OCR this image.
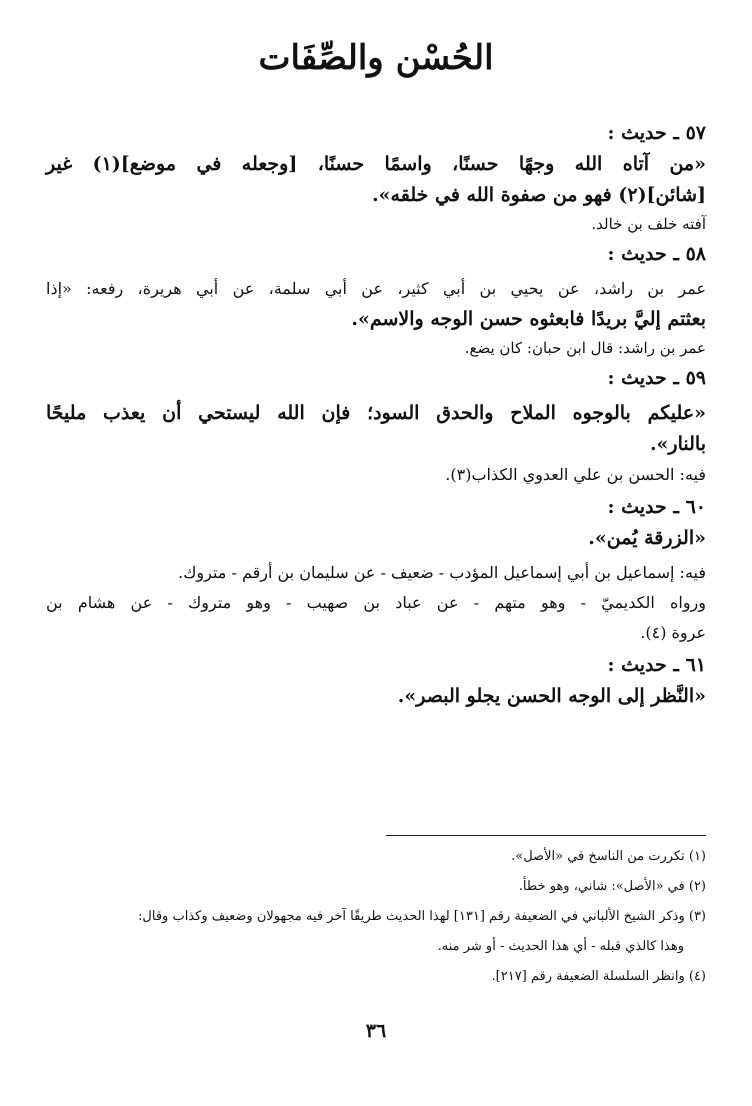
الحُسْن والصِّفَات

٥٧ ـ حديث :

«من آتاه الله وجهًا حسنًا، واسمًا حسنًا، [وجعله في موضع](١) غير

[شائن](٢) فهو من صفوة الله في خلقه».

آفته خلف بن خالد.

٥٨ ـ حديث :

عمر بن راشد، عن يحيي بن أبي كثير، عن أبي سلمة، عن أبي هريرة، رفعه: «إذا

بعثتم إليَّ بريدًا فابعثوه حسن الوجه والاسم».

عمر بن راشد: قال ابن حبان: كان يضع.

٥٩ ـ حديث :

«عليكم بالوجوه الملاح والحدق السود؛ فإن الله ليستحي أن يعذب مليحًا

بالنار».

فيه: الحسن بن علي العدوي الكذاب(٣).

٦٠ ـ حديث :

«الزرقة يُمن».

فيه: إسماعيل بن أبي إسماعيل المؤدب - ضعيف - عن سليمان بن أرقم - متروك.

ورواه الكديميّ - وهو متهم - عن عباد بن صهيب - وهو متروك - عن هشام بن

عروة (٤).

٦١ ـ حديث :

«النَّظر إلى الوجه الحسن يجلو البصر».

(١) تكررت من الناسخ في «الأصل».
(٢) في «الأصل»: شاني، وهو خطأ.
(٣) وذكر الشيخ الألباني في الضعيفة رقم [١٣١] لهذا الحديث طريقًا آخر فيه مجهولان وضعيف وكذاب وقال:
وهذا كالذي قبله - أي هذا الحديث - أو شر منه.
(٤) وانظر السلسلة الضعيفة رقم [٢١٧].
٣٦
